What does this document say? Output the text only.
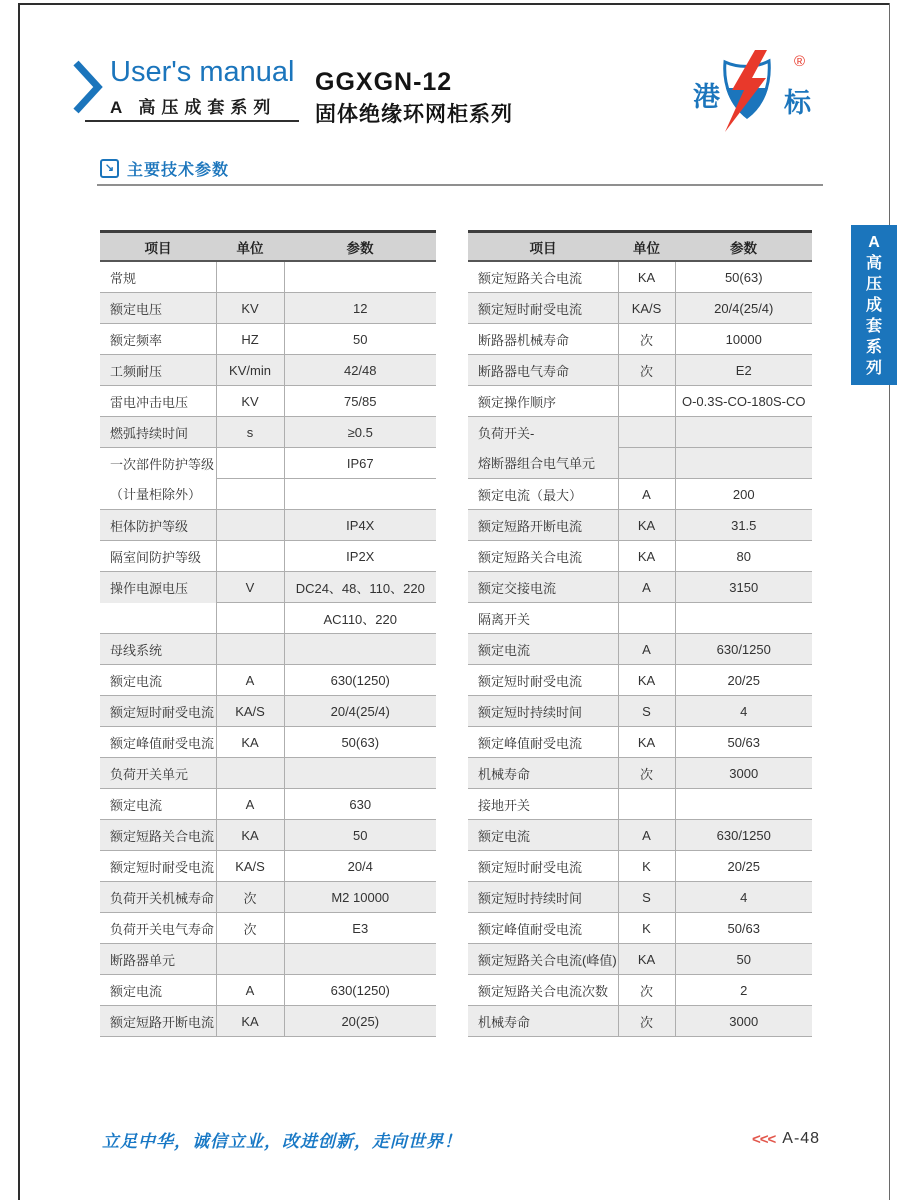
User's manual
A 高压成套系列
GGXGN-12
固体绝缘环网柜系列
港 标
®
↘ 主要技术参数
项目	单位	参数
常规		
额定电压	KV	12
额定频率	HZ	50
工频耐压	KV/min	42/48
雷电冲击电压	KV	75/85
燃弧持续时间	s	≥0.5
一次部件防护等级		IP67
（计量柜除外）		
柜体防护等级		IP4X
隔室间防护等级		IP2X
操作电源电压	V	DC24、48、110、220
		AC110、220
母线系统		
额定电流	A	630(1250)
额定短时耐受电流	KA/S	20/4(25/4)
额定峰值耐受电流	KA	50(63)
负荷开关单元		
额定电流	A	630
额定短路关合电流	KA	50
额定短时耐受电流	KA/S	20/4
负荷开关机械寿命	次	M2 10000
负荷开关电气寿命	次	E3
断路器单元		
额定电流	A	630(1250)
额定短路开断电流	KA	20(25)
项目	单位	参数
额定短路关合电流	KA	50(63)
额定短时耐受电流	KA/S	20/4(25/4)
断路器机械寿命	次	10000
断路器电气寿命	次	E2
额定操作顺序		O-0.3S-CO-180S-CO
负荷开关-		
熔断器组合电气单元		
额定电流（最大）	A	200
额定短路开断电流	KA	31.5
额定短路关合电流	KA	80
额定交接电流	A	3150
隔离开关		
额定电流	A	630/1250
额定短时耐受电流	KA	20/25
额定短时持续时间	S	4
额定峰值耐受电流	KA	50/63
机械寿命	次	3000
接地开关		
额定电流	A	630/1250
额定短时耐受电流	K	20/25
额定短时持续时间	S	4
额定峰值耐受电流	K	50/63
额定短路关合电流(峰值)	KA	50
额定短路关合电流次数	次	2
机械寿命	次	3000
A
高
压
成
套
系
列
立足中华，诚信立业，改进创新，走向世界！	<<< A-48
